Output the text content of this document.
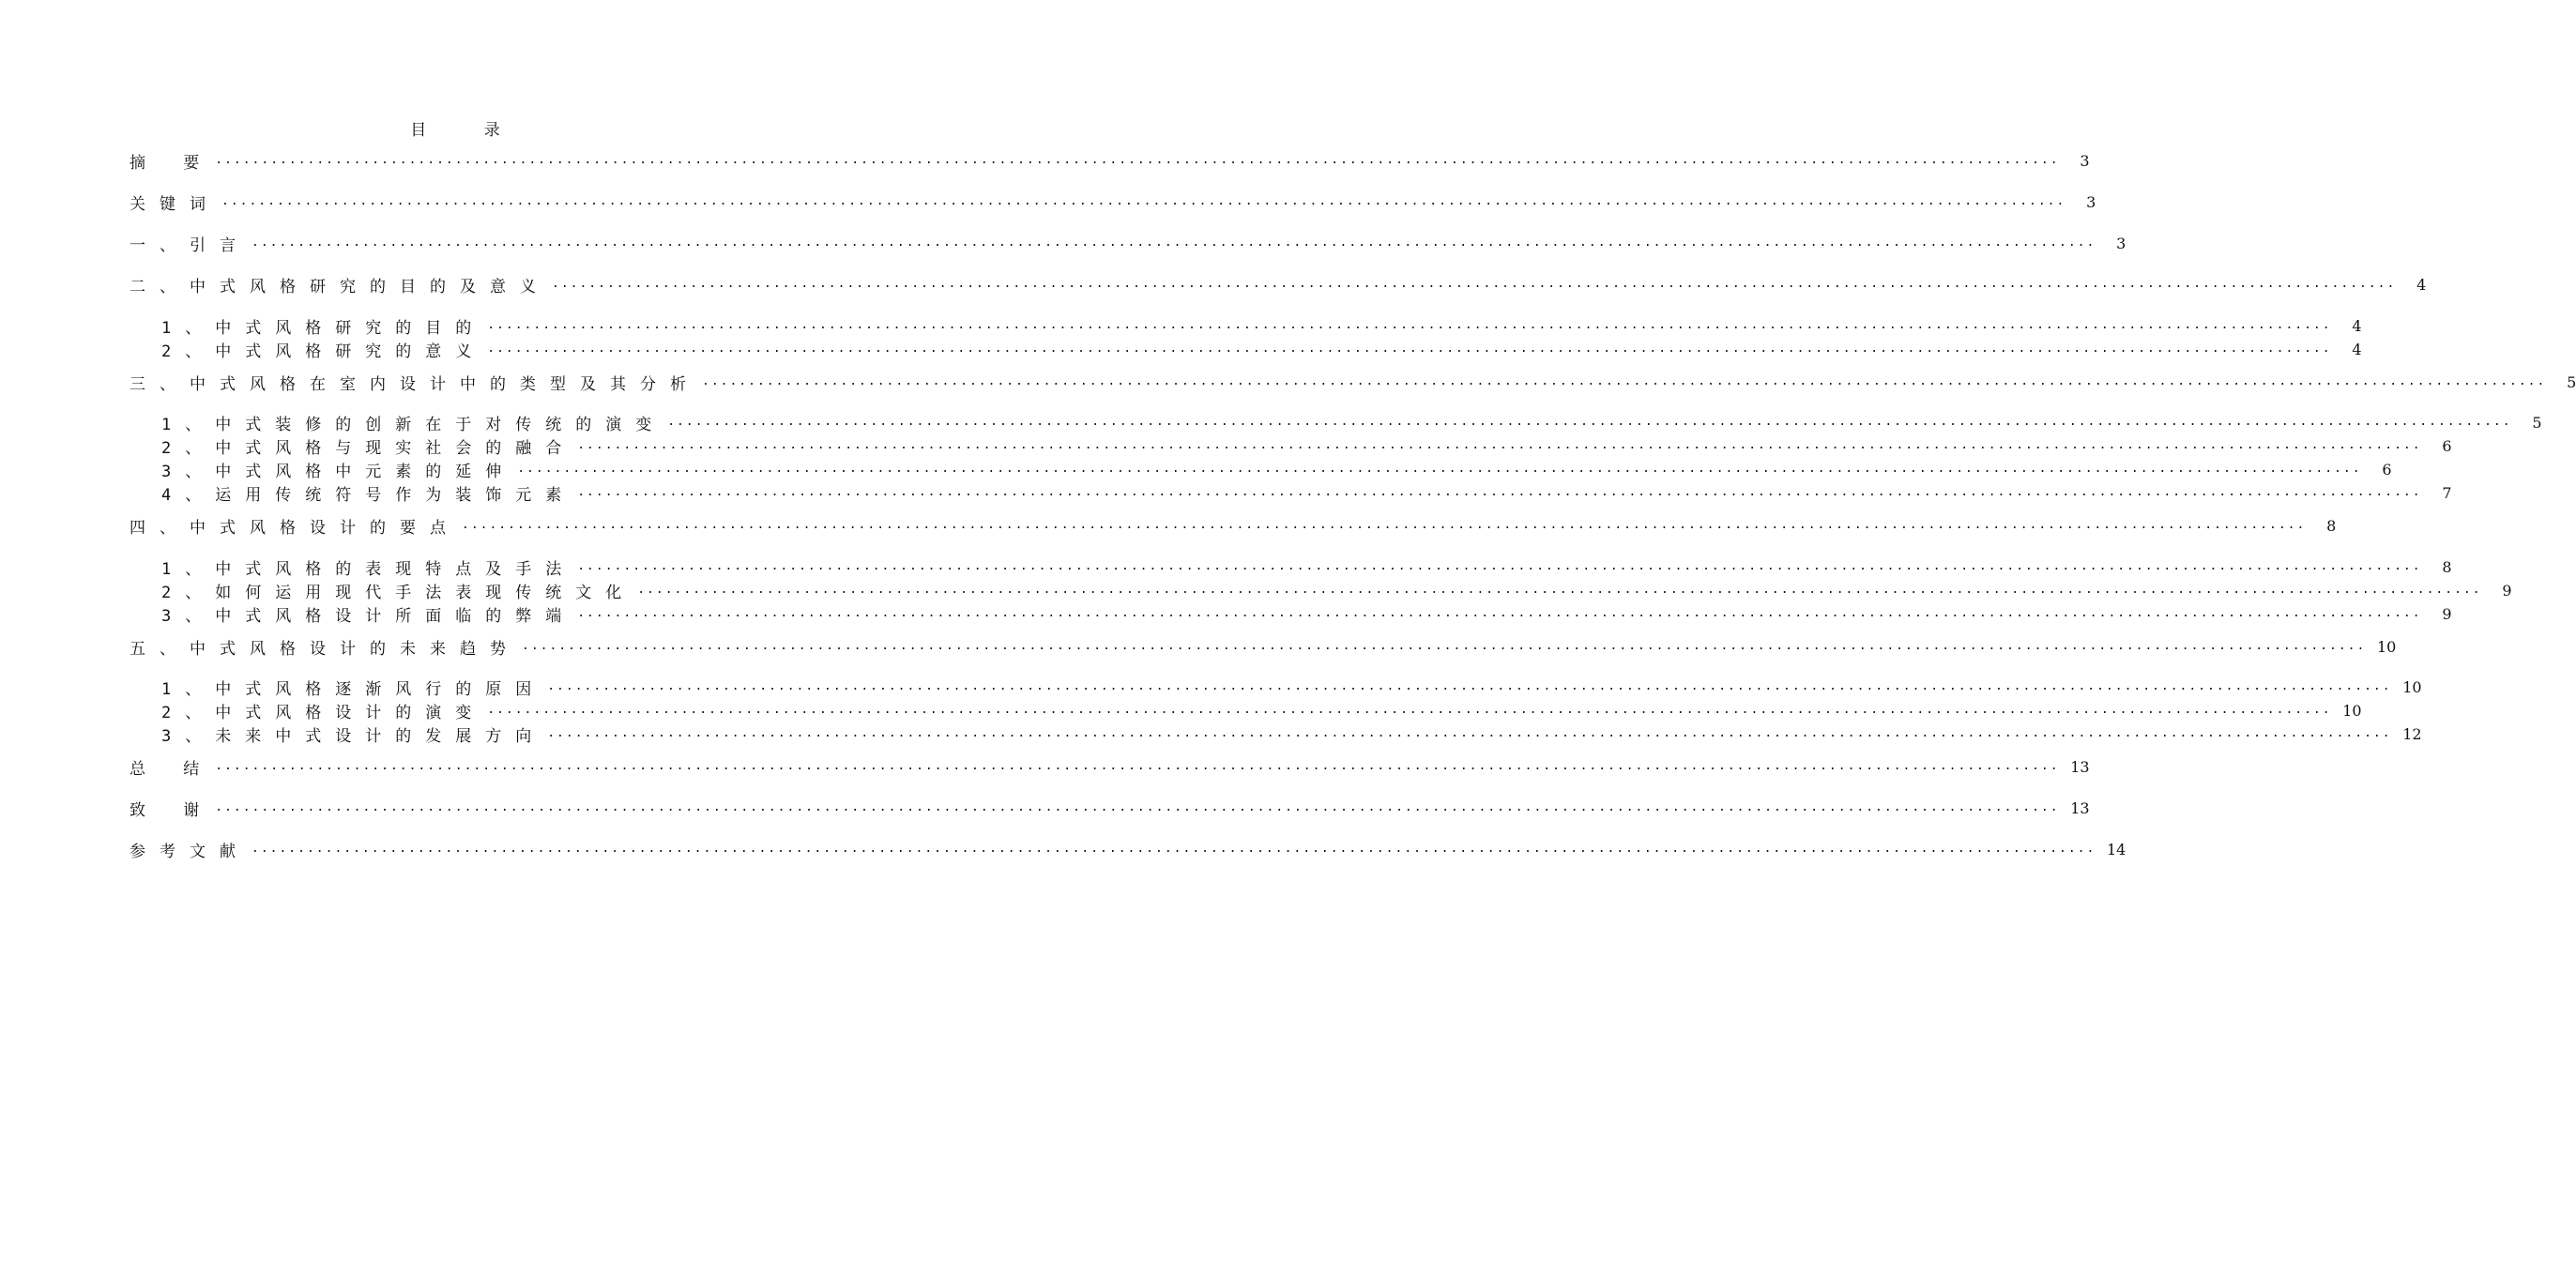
目 录
摘 要 ........................................................................................................................................................................................................	3
关键词 ........................................................................................................................................................................................................	3
一、引言 ........................................................................................................................................................................................................	3
二、中式风格研究的目的及意义 ........................................................................................................................................................................................................	4
1、中式风格研究的目的 ........................................................................................................................................................................................................	4
2、中式风格研究的意义 ........................................................................................................................................................................................................	4
三、中式风格在室内设计中的类型及其分析 ........................................................................................................................................................................................................	5
1、中式装修的创新在于对传统的演变 ........................................................................................................................................................................................................	5
2、中式风格与现实社会的融合 ........................................................................................................................................................................................................	6
3、中式风格中元素的延伸 ........................................................................................................................................................................................................	6
4、运用传统符号作为装饰元素 ........................................................................................................................................................................................................	7
四、中式风格设计的要点 ........................................................................................................................................................................................................	8
1、中式风格的表现特点及手法 ........................................................................................................................................................................................................	8
2、如何运用现代手法表现传统文化 ........................................................................................................................................................................................................	9
3、中式风格设计所面临的弊端 ........................................................................................................................................................................................................	9
五、中式风格设计的未来趋势 ........................................................................................................................................................................................................ 10
1、中式风格逐渐风行的原因 ........................................................................................................................................................................................................ 10
2、中式风格设计的演变 ........................................................................................................................................................................................................ 10
3、未来中式设计的发展方向 ........................................................................................................................................................................................................ 12
总 结 ........................................................................................................................................................................................................ 13
致 谢 ........................................................................................................................................................................................................ 13
参考文献 ........................................................................................................................................................................................................ 14
